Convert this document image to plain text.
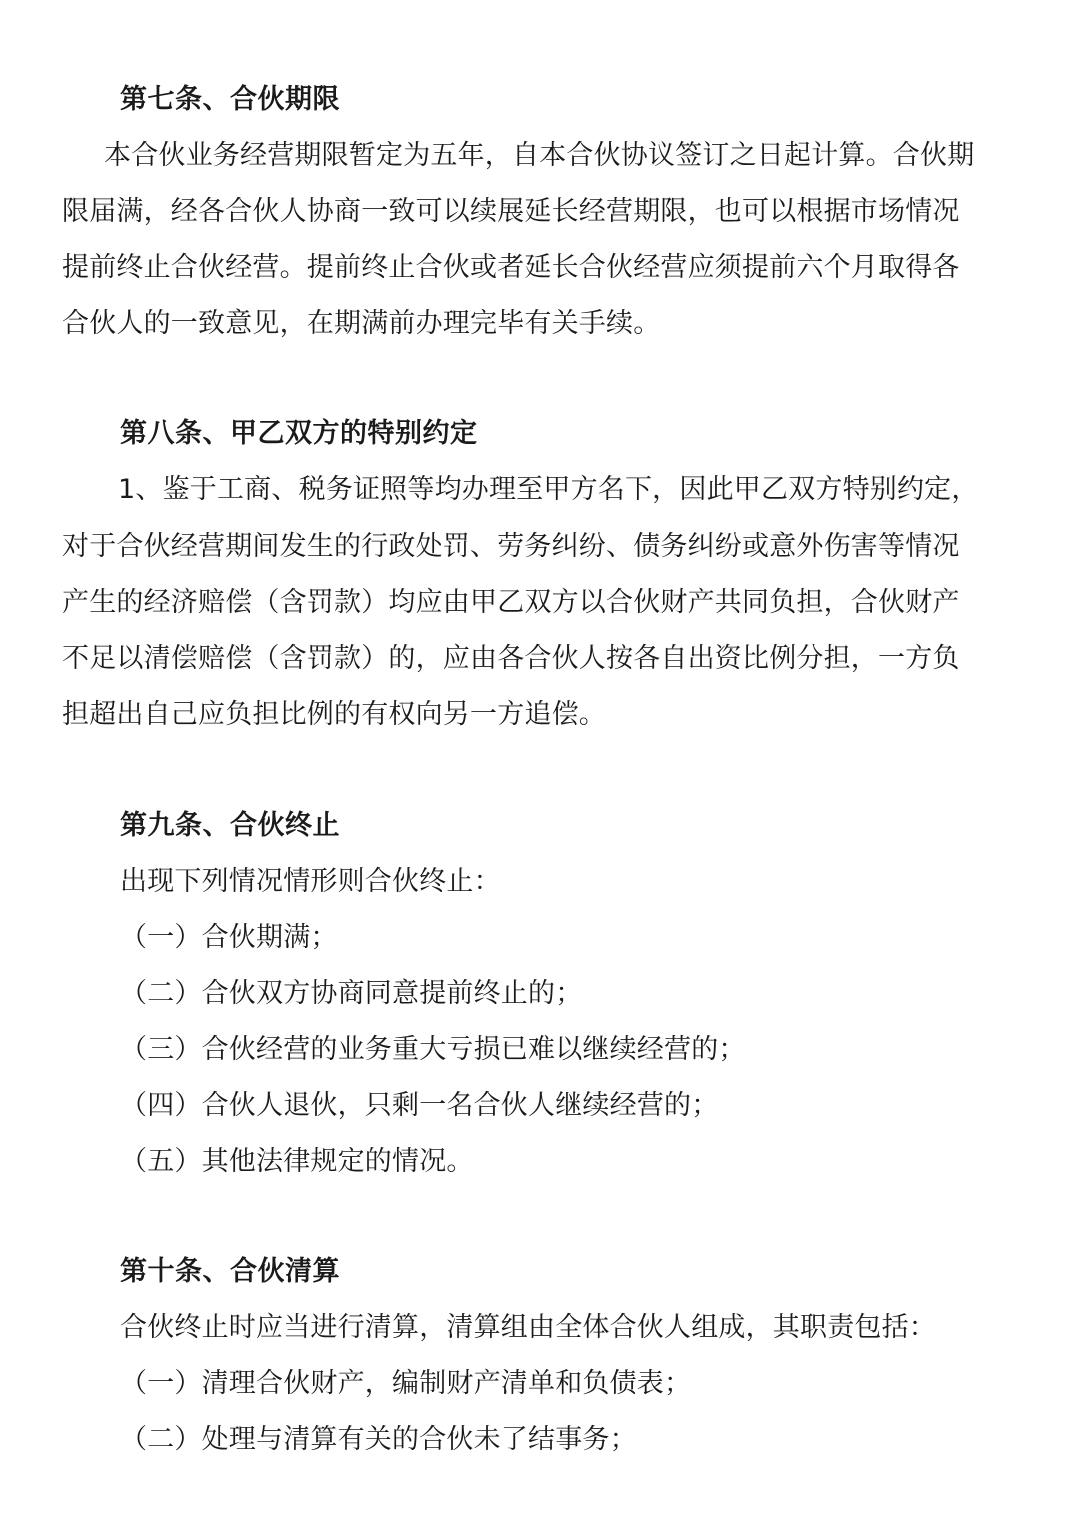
第七条、合伙期限
本合伙业务经营期限暂定为五年，自本合伙协议签订之日起计算。合伙期
限届满，经各合伙人协商一致可以续展延长经营期限，也可以根据市场情况
提前终止合伙经营。提前终止合伙或者延长合伙经营应须提前六个月取得各
合伙人的一致意见，在期满前办理完毕有关手续。
第八条、甲乙双方的特别约定
1、鉴于工商、税务证照等均办理至甲方名下，因此甲乙双方特别约定，
对于合伙经营期间发生的行政处罚、劳务纠纷、债务纠纷或意外伤害等情况
产生的经济赔偿（含罚款）均应由甲乙双方以合伙财产共同负担，合伙财产
不足以清偿赔偿（含罚款）的，应由各合伙人按各自出资比例分担，一方负
担超出自己应负担比例的有权向另一方追偿。
第九条、合伙终止
出现下列情况情形则合伙终止：
（一）合伙期满；
（二）合伙双方协商同意提前终止的；
（三）合伙经营的业务重大亏损已难以继续经营的；
（四）合伙人退伙，只剩一名合伙人继续经营的；
（五）其他法律规定的情况。
第十条、合伙清算
合伙终止时应当进行清算，清算组由全体合伙人组成，其职责包括：
（一）清理合伙财产，编制财产清单和负债表；
（二）处理与清算有关的合伙未了结事务；
